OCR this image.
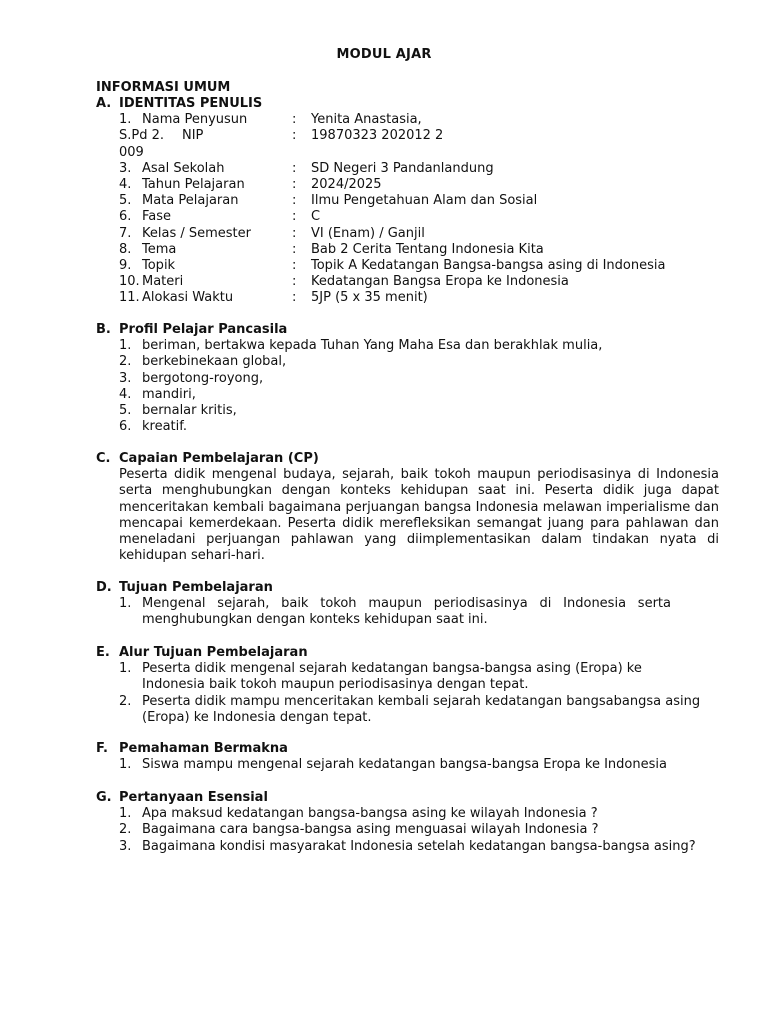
MODUL AJAR
INFORMASI UMUM
A. IDENTITAS PENULIS
1. Nama Penyusun	: Yenita Anastasia,
S.Pd 2. NIP	: 19870323 202012 2
009
3. Asal Sekolah	: SD Negeri 3 Pandanlandung
4. Tahun Pelajaran	: 2024/2025
5. Mata Pelajaran	: Ilmu Pengetahuan Alam dan Sosial
6. Fase	: C
7. Kelas / Semester	: VI (Enam) / Ganjil
8. Tema	: Bab 2 Cerita Tentang Indonesia Kita
9. Topik	: Topik A Kedatangan Bangsa-bangsa asing di Indonesia
10. Materi	: Kedatangan Bangsa Eropa ke Indonesia
11. Alokasi Waktu	: 5JP (5 x 35 menit)
B. Profil Pelajar Pancasila
1. beriman, bertakwa kepada Tuhan Yang Maha Esa dan berakhlak mulia,
2. berkebinekaan global,
3. bergotong-royong,
4. mandiri,
5. bernalar kritis,
6. kreatif.
C. Capaian Pembelajaran (CP)

Peserta didik mengenal budaya, sejarah, baik tokoh maupun periodisasinya di Indonesia serta menghubungkan dengan konteks kehidupan saat ini. Peserta didik juga dapat menceritakan kembali bagaimana perjuangan bangsa Indonesia melawan imperialisme dan mencapai kemerdekaan. Peserta didik merefleksikan semangat juang para pahlawan dan meneladani perjuangan pahlawan yang diimplementasikan dalam tindakan nyata di kehidupan sehari-hari.

D. Tujuan Pembelajaran
1. Mengenal sejarah, baik tokoh maupun periodisasinya di Indonesia serta menghubungkan dengan konteks kehidupan saat ini.
E. Alur Tujuan Pembelajaran
1. Peserta didik mengenal sejarah kedatangan bangsa-bangsa asing (Eropa) ke Indonesia baik tokoh maupun periodisasinya dengan tepat.
2. Peserta didik mampu menceritakan kembali sejarah kedatangan bangsabangsa asing (Eropa) ke Indonesia dengan tepat.
F. Pemahaman Bermakna
1. Siswa mampu mengenal sejarah kedatangan bangsa-bangsa Eropa ke Indonesia
G. Pertanyaan Esensial
1. Apa maksud kedatangan bangsa-bangsa asing ke wilayah Indonesia ?
2. Bagaimana cara bangsa-bangsa asing menguasai wilayah Indonesia ?
3. Bagaimana kondisi masyarakat Indonesia setelah kedatangan bangsa-bangsa asing?
